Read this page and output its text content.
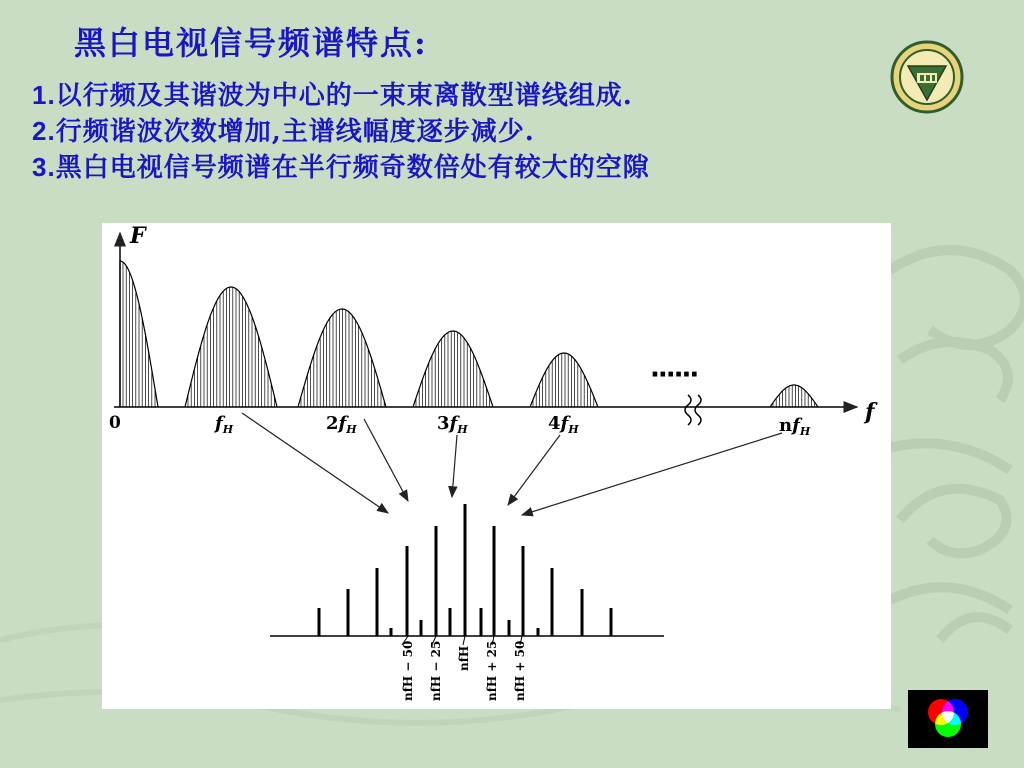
黑白电视信号频谱特点:
1.以行频及其谐波为中心的一束束离散型谱线组成.
2.行频谐波次数增加,主谱线幅度逐步减少.
3.黑白电视信号频谱在半行频奇数倍处有较大的空隙
F
f
0	$f_H$	$2f_H$	$3f_H$	$4f_H$	$nf_H$
······
nfH − 50 nfH − 25 nfH nfH + 25 nfH + 50
